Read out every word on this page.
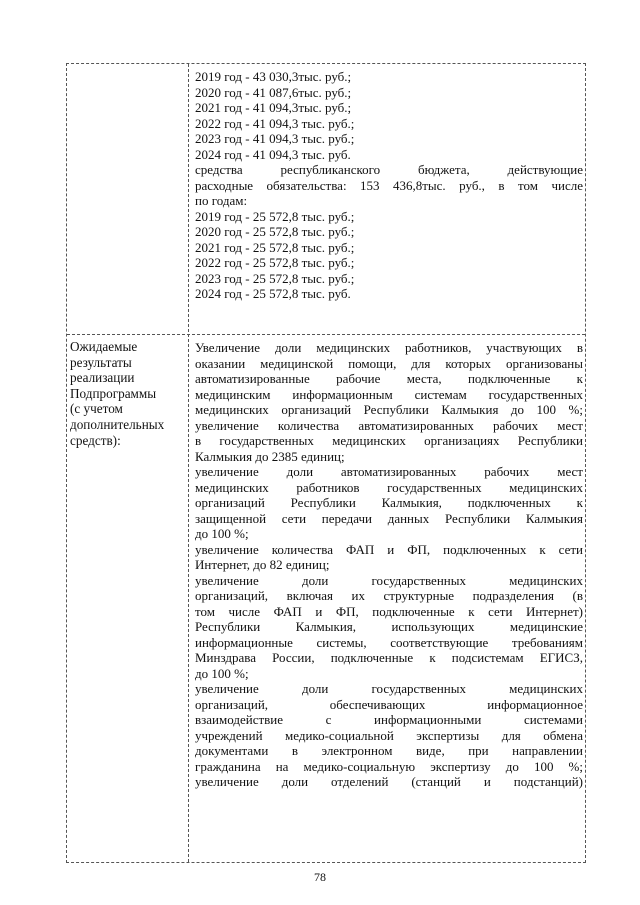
2019 год - 43 030,3тыс. руб.;
2020 год - 41 087,6тыс. руб.;
2021 год - 41 094,3тыс. руб.;
2022 год - 41 094,3 тыс. руб.;
2023 год - 41 094,3 тыс. руб.;
2024 год - 41 094,3 тыс. руб.
средства республиканского бюджета, действующие
расходные обязательства: 153 436,8тыс. руб., в том числе
по годам:
2019 год - 25 572,8 тыс. руб.;
2020 год - 25 572,8 тыс. руб.;
2021 год - 25 572,8 тыс. руб.;
2022 год - 25 572,8 тыс. руб.;
2023 год - 25 572,8 тыс. руб.;
2024 год - 25 572,8 тыс. руб.
Ожидаемые
результаты
реализации
Подпрограммы
(с учетом
дополнительных
средств):
Увеличение доли медицинских работников, участвующих в
оказании медицинской помощи, для которых организованы
автоматизированные рабочие места, подключенные к
медицинским информационным системам государственных
медицинских организаций Республики Калмыкия до 100 %;
увеличение количества автоматизированных рабочих мест
в государственных медицинских организациях Республики
Калмыкия до 2385 единиц;
увеличение доли автоматизированных рабочих мест
медицинских работников государственных медицинских
организаций Республики Калмыкия, подключенных к
защищенной сети передачи данных Республики Калмыкия
до 100 %;
увеличение количества ФАП и ФП, подключенных к сети
Интернет, до 82 единиц;
увеличение доли государственных медицинских
организаций, включая их структурные подразделения (в
том числе ФАП и ФП, подключенные к сети Интернет)
Республики Калмыкия, использующих медицинские
информационные системы, соответствующие требованиям
Минздрава России, подключенные к подсистемам ЕГИСЗ,
до 100 %;
увеличение доли государственных медицинских
организаций, обеспечивающих информационное
взаимодействие с информационными системами
учреждений медико-социальной экспертизы для обмена
документами в электронном виде, при направлении
гражданина на медико-социальную экспертизу до 100 %;
увеличение доли отделений (станций и подстанций)
78
